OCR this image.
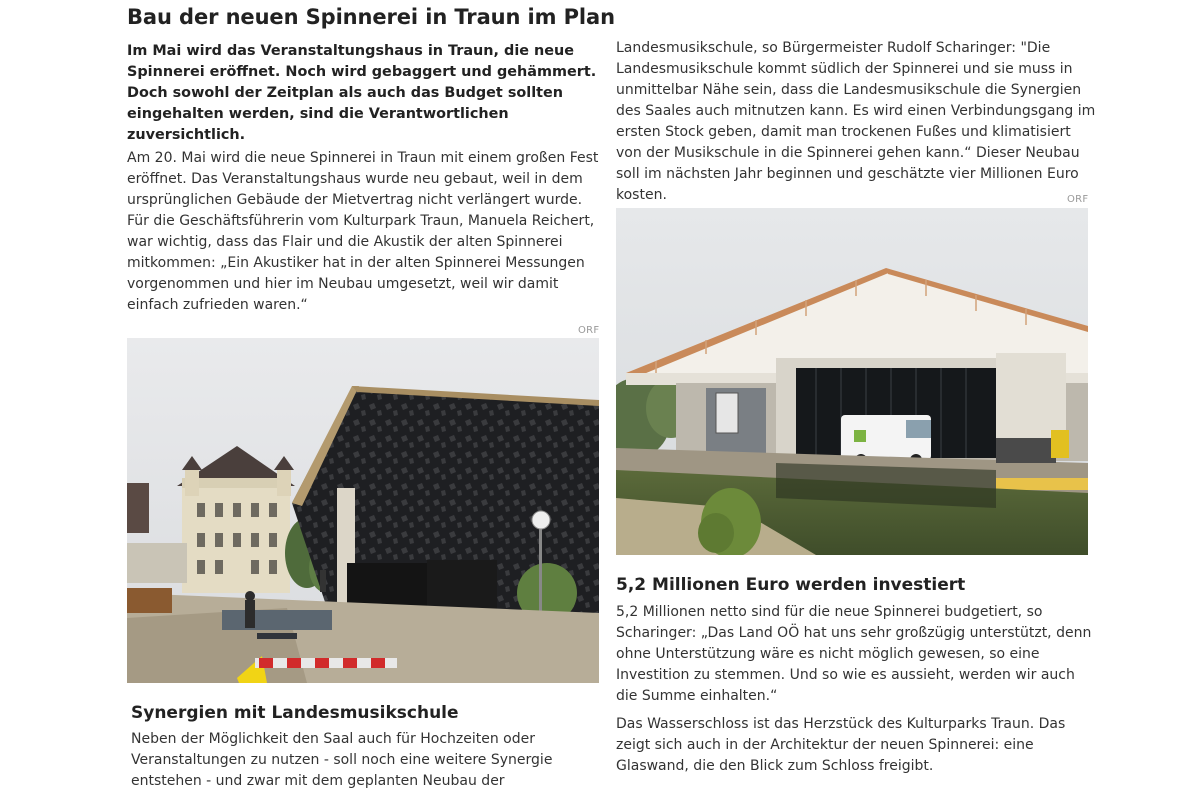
Bau der neuen Spinnerei in Traun im Plan

Im Mai wird das Veranstaltungshaus in Traun, die neue Spinnerei eröffnet. Noch wird gebaggert und gehämmert. Doch sowohl der Zeitplan als auch das Budget sollten eingehalten werden, sind die Verantwortlichen zuversichtlich.

Am 20. Mai wird die neue Spinnerei in Traun mit einem großen Fest eröffnet. Das Veranstaltungshaus wurde neu gebaut, weil in dem ursprünglichen Gebäude der Mietvertrag nicht verlängert wurde. Für die Geschäftsführerin vom Kulturpark Traun, Manuela Reichert, war wichtig, dass das Flair und die Akustik der alten Spinnerei mitkommen: „Ein Akustiker hat in der alten Spinnerei Messungen vorgenommen und hier im Neubau umgesetzt, weil wir damit einfach zufrieden waren.“

ORF
Synergien mit Landesmusikschule

Neben der Möglichkeit den Saal auch für Hochzeiten oder Veranstaltungen zu nutzen - soll noch eine weitere Synergie entstehen - und zwar mit dem geplanten Neubau der

Landesmusikschule, so Bürgermeister Rudolf Scharinger: "Die Landesmusikschule kommt südlich der Spinnerei und sie muss in unmittelbar Nähe sein, dass die Landesmusikschule die Synergien des Saales auch mitnutzen kann. Es wird einen Verbindungsgang im ersten Stock geben, damit man trockenen Fußes und klimatisiert von der Musikschule in die Spinnerei gehen kann.“ Dieser Neubau soll im nächsten Jahr beginnen und geschätzte vier Millionen Euro kosten.	ORF
5,2 Millionen Euro werden investiert

5,2 Millionen netto sind für die neue Spinnerei budgetiert, so Scharinger: „Das Land OÖ hat uns sehr großzügig unterstützt, denn ohne Unterstützung wäre es nicht möglich gewesen, so eine Investition zu stemmen. Und so wie es aussieht, werden wir auch die Summe einhalten.“

Das Wasserschloss ist das Herzstück des Kulturparks Traun. Das zeigt sich auch in der Architektur der neuen Spinnerei: eine Glaswand, die den Blick zum Schloss freigibt.
